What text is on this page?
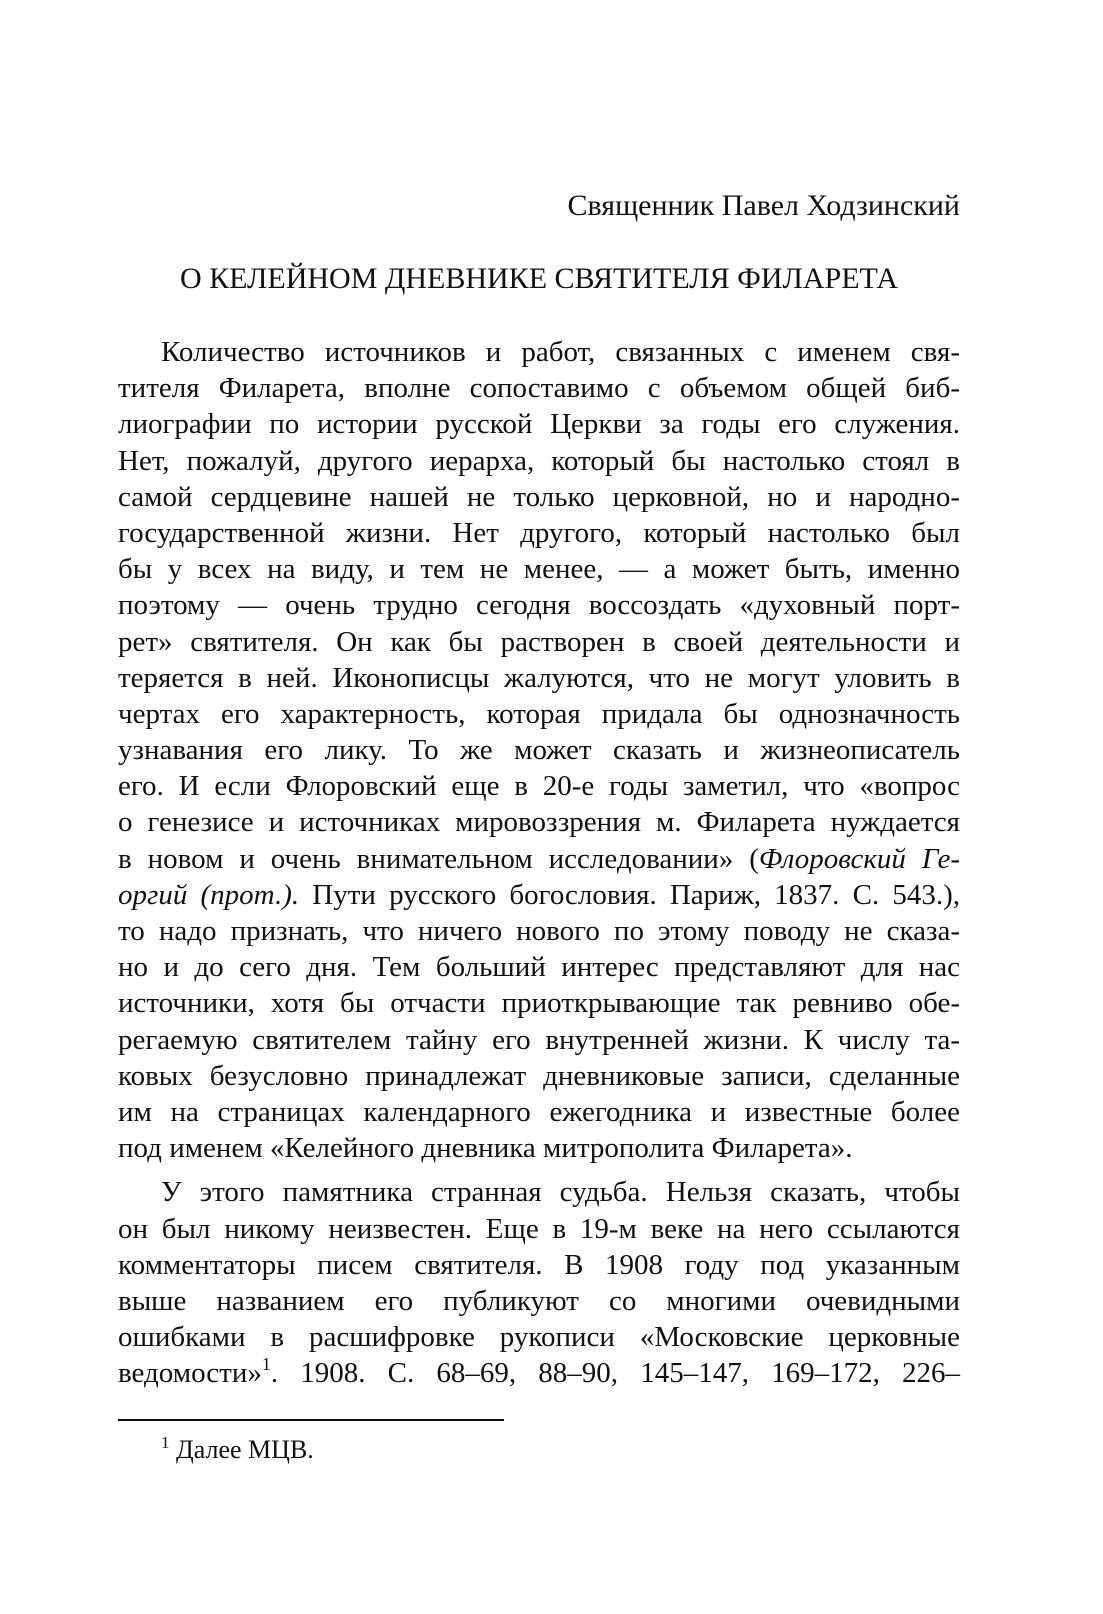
Священник Павел Ходзинский
О КЕЛЕЙНОМ ДНЕВНИКЕ СВЯТИТЕЛЯ ФИЛАРЕТА
Количество источников и работ, связанных с именем свя-
тителя Филарета, вполне сопоставимо с объемом общей биб-
лиографии по истории русской Церкви за годы его служения.
Нет, пожалуй, другого иерарха, который бы настолько стоял в
самой сердцевине нашей не только церковной, но и народно-
государственной жизни. Нет другого, который настолько был
бы у всех на виду, и тем не менее, — а может быть, именно
поэтому — очень трудно сегодня воссоздать «духовный порт-
рет» святителя. Он как бы растворен в своей деятельности и
теряется в ней. Иконописцы жалуются, что не могут уловить в
чертах его характерность, которая придала бы однозначность
узнавания его лику. То же может сказать и жизнеописатель
его. И если Флоровский еще в 20-е годы заметил, что «вопрос
о генезисе и источниках мировоззрения м. Филарета нуждается
в новом и очень внимательном исследовании» (Флоровский Ге-
оргий (прот.). Пути русского богословия. Париж, 1837. С. 543.),
то надо признать, что ничего нового по этому поводу не сказа-
но и до сего дня. Тем больший интерес представляют для нас
источники, хотя бы отчасти приоткрывающие так ревниво обе-
регаемую святителем тайну его внутренней жизни. К числу та-
ковых безусловно принадлежат дневниковые записи, сделанные
им на страницах календарного ежегодника и известные более
под именем «Келейного дневника митрополита Филарета».
У этого памятника странная судьба. Нельзя сказать, чтобы
он был никому неизвестен. Еще в 19-м веке на него ссылаются
комментаторы писем святителя. В 1908 году под указанным
выше названием его публикуют со многими очевидными
ошибками в расшифровке рукописи «Московские церковные
ведомости»$^1$. 1908. С. 68–69, 88–90, 145–147, 169–172, 226–
$^1$ Далее МЦВ.
